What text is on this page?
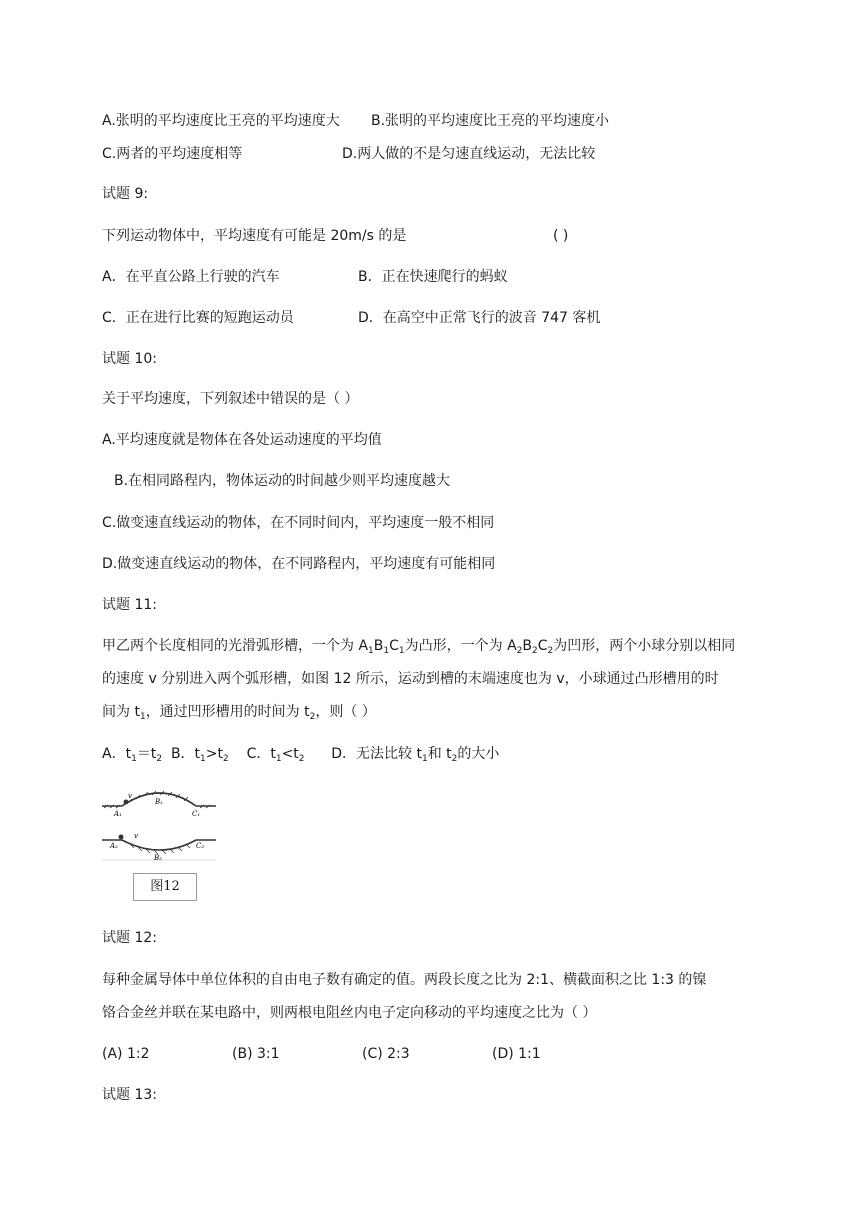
A.张明的平均速度比王亮的平均速度大 B.张明的平均速度比王亮的平均速度小
C.两者的平均速度相等	D.两人做的不是匀速直线运动，无法比较
试题 9:
下列运动物体中，平均速度有可能是 20m/s 的是	( )
A．在平直公路上行驶的汽车	B．正在快速爬行的蚂蚁
C．正在进行比赛的短跑运动员	D．在高空中正常飞行的波音 747 客机
试题 10:
关于平均速度，下列叙述中错误的是（ ）
A.平均速度就是物体在各处运动速度的平均值
B.在相同路程内，物体运动的时间越少则平均速度越大
C.做变速直线运动的物体，在不同时间内，平均速度一般不相同
D.做变速直线运动的物体，在不同路程内，平均速度有可能相同
试题 11:
甲乙两个长度相同的光滑弧形槽，一个为 $A_1B_1C_1$为凸形，一个为 $A_2B_2C_2$为凹形，两个小球分别以相同
的速度 v 分别进入两个弧形槽，如图 12 所示，运动到槽的末端速度也为 v，小球通过凸形槽用的时
间为 $t_1$，通过凹形槽用的时间为 $t_2$，则（ ）
A．$t_1=t_2$ B．$t_1>t_2$ C．$t_1<t_2$ D．无法比较 $t_1$和 $t_2$的大小
v
B₁
A₁	C₁
v
A₂
B₂
C₂
图12
试题 12:
每种金属导体中单位体积的自由电子数有确定的值。两段长度之比为 2:1、横截面积之比 1:3 的镍
铬合金丝并联在某电路中，则两根电阻丝内电子定向移动的平均速度之比为（ ）
(A) 1:2	(B) 3:1	(C) 2:3	(D) 1:1
试题 13:
